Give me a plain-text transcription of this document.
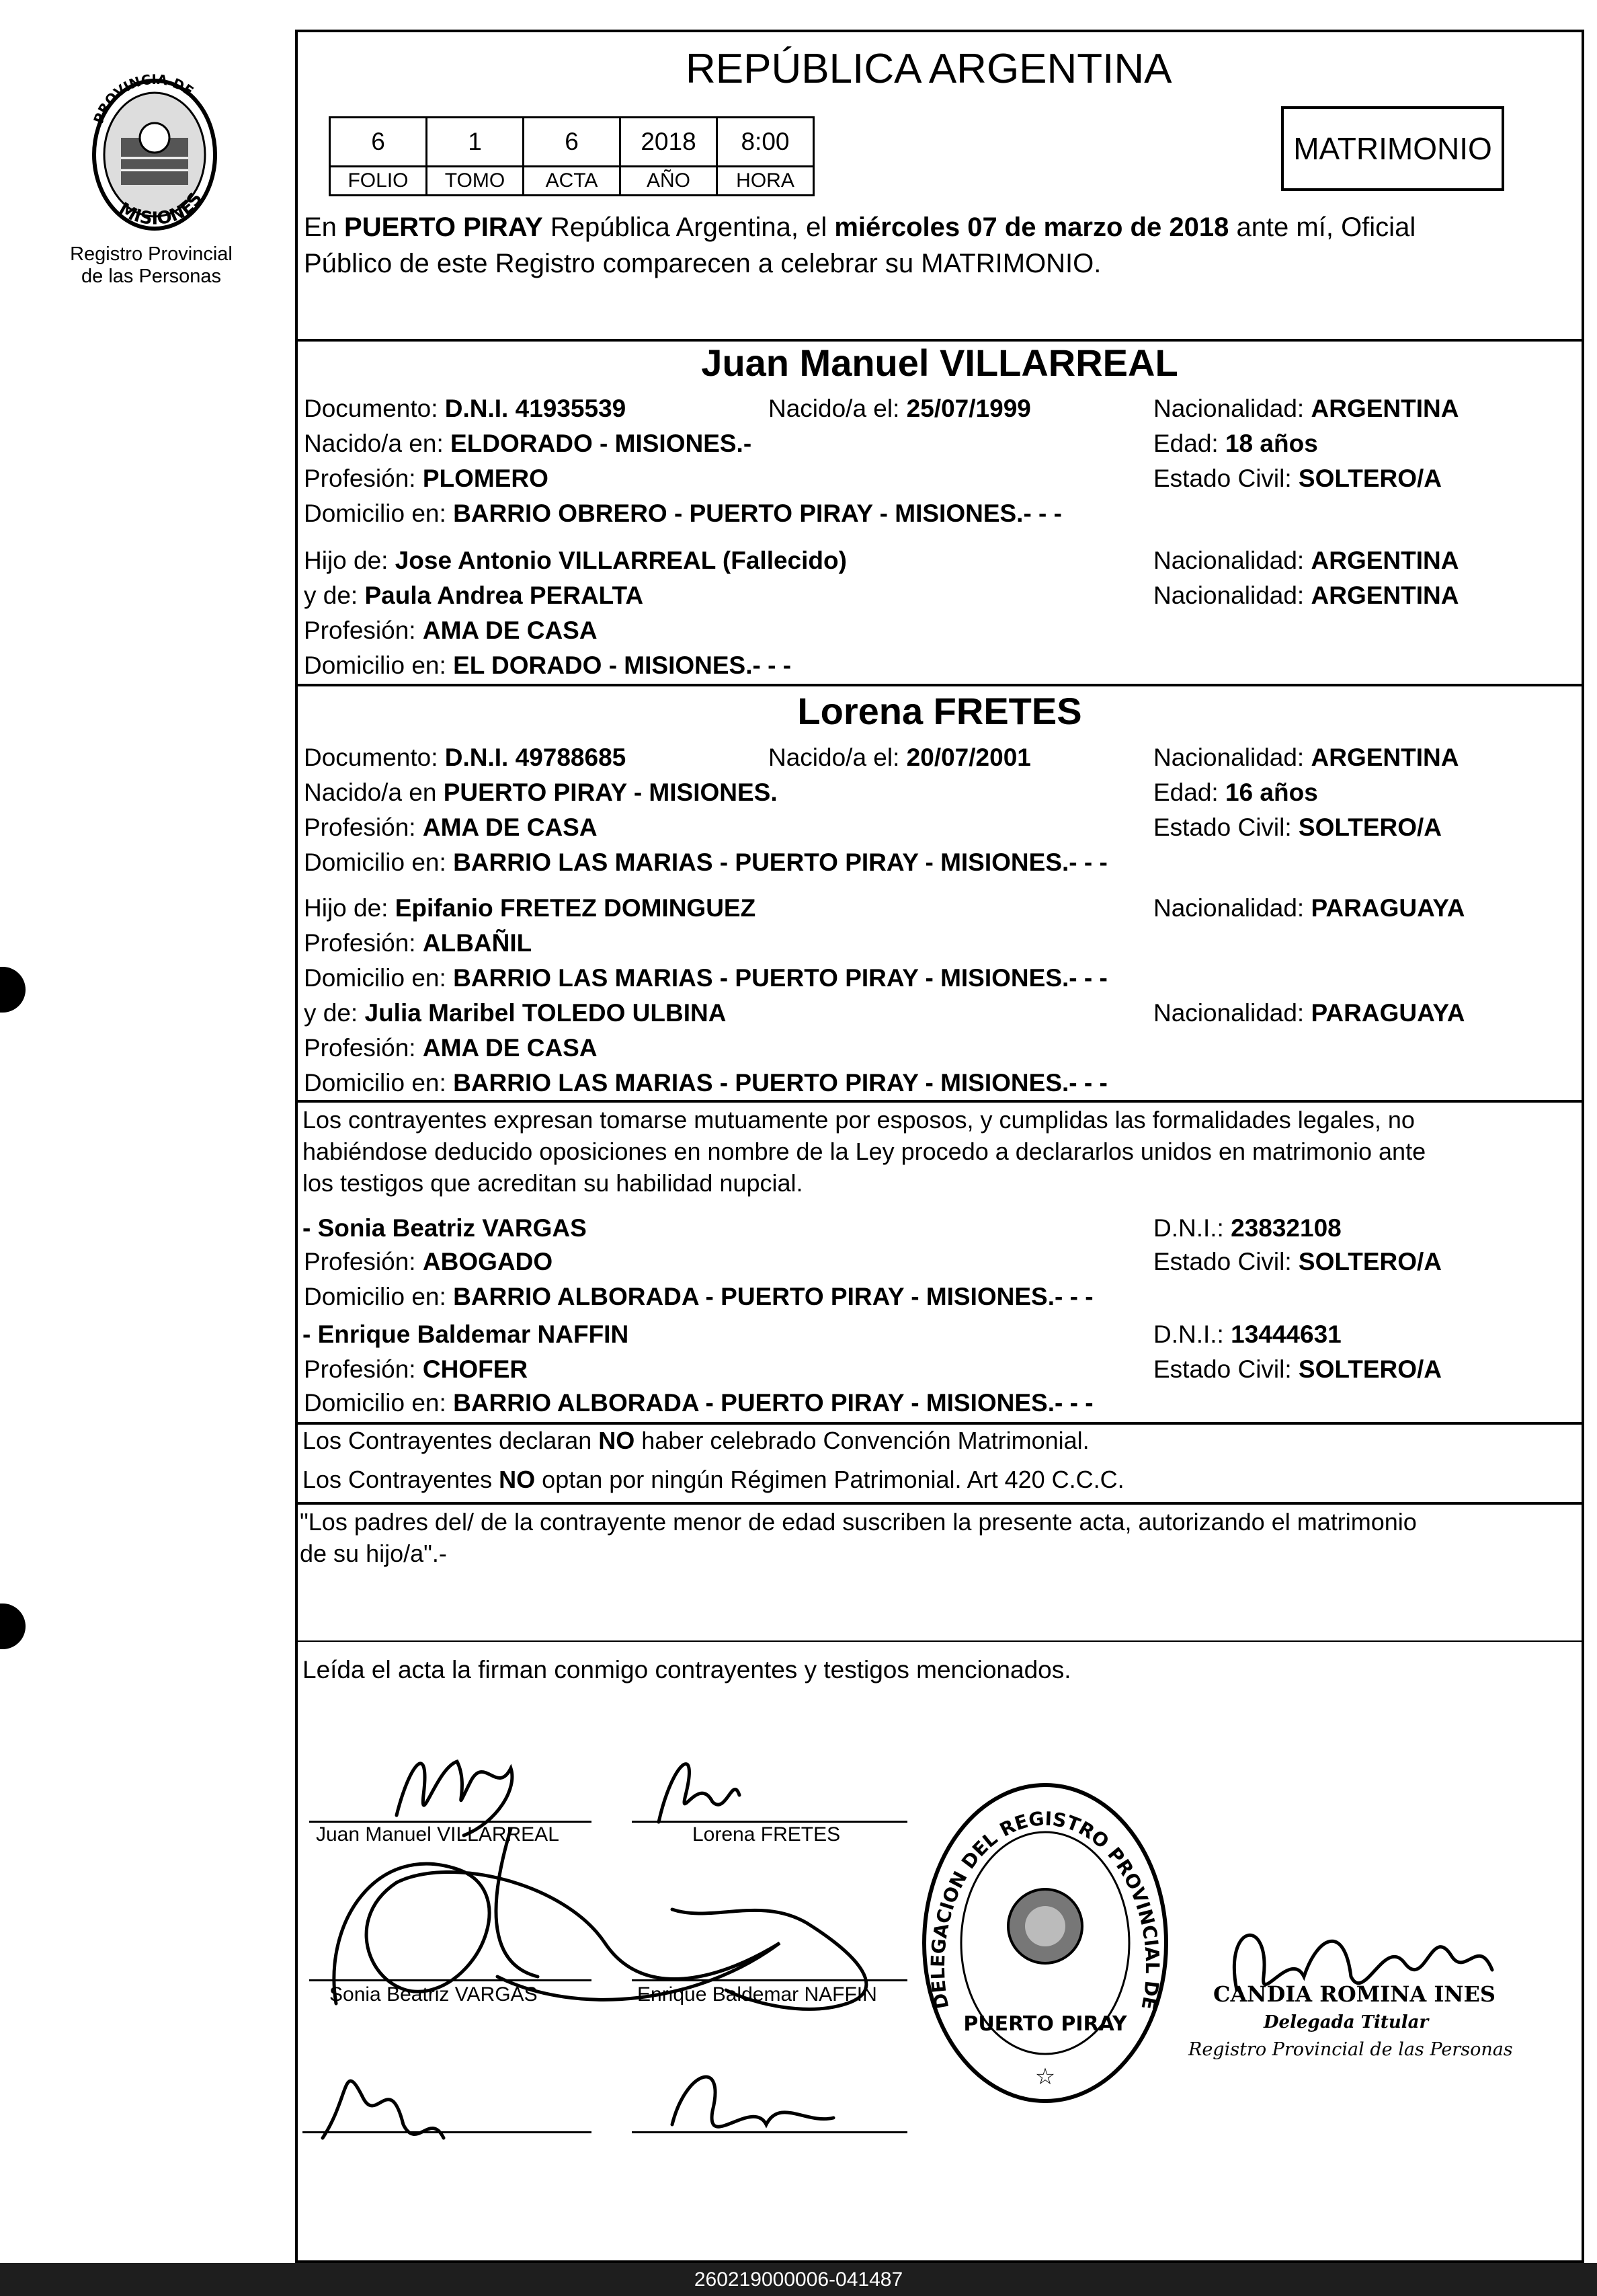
PROVINCIA DE
MISIONES
Registro Provincial
de las Personas
REPÚBLICA ARGENTINA
6	1	6	2018	8:00
FOLIO	TOMO	ACTA	AÑO	HORA
MATRIMONIO
En PUERTO PIRAY República Argentina, el miércoles 07 de marzo de 2018 ante mí, Oficial
Público de este Registro comparecen a celebrar su MATRIMONIO.
Juan Manuel VILLARREAL
Documento: D.N.I. 41935539	Nacido/a el: 25/07/1999	Nacionalidad: ARGENTINA
Nacido/a en: ELDORADO - MISIONES.-	Edad: 18 años
Profesión: PLOMERO	Estado Civil: SOLTERO/A
Domicilio en: BARRIO OBRERO - PUERTO PIRAY - MISIONES.- - -
Hijo de: Jose Antonio VILLARREAL (Fallecido)	Nacionalidad: ARGENTINA
y de: Paula Andrea PERALTA	Nacionalidad: ARGENTINA
Profesión: AMA DE CASA
Domicilio en: EL DORADO - MISIONES.- - -
Lorena FRETES
Documento: D.N.I. 49788685	Nacido/a el: 20/07/2001	Nacionalidad: ARGENTINA
Nacido/a en PUERTO PIRAY - MISIONES.	Edad: 16 años
Profesión: AMA DE CASA	Estado Civil: SOLTERO/A
Domicilio en: BARRIO LAS MARIAS - PUERTO PIRAY - MISIONES.- - -
Hijo de: Epifanio FRETEZ DOMINGUEZ	Nacionalidad: PARAGUAYA
Profesión: ALBAÑIL
Domicilio en: BARRIO LAS MARIAS - PUERTO PIRAY - MISIONES.- - -
y de: Julia Maribel TOLEDO ULBINA	Nacionalidad: PARAGUAYA
Profesión: AMA DE CASA
Domicilio en: BARRIO LAS MARIAS - PUERTO PIRAY - MISIONES.- - -
Los contrayentes expresan tomarse mutuamente por esposos, y cumplidas las formalidades legales, no
habiéndose deducido oposiciones en nombre de la Ley procedo a declararlos unidos en matrimonio ante
los testigos que acreditan su habilidad nupcial.
- Sonia Beatriz VARGAS	D.N.I.: 23832108
Profesión: ABOGADO	Estado Civil: SOLTERO/A
Domicilio en: BARRIO ALBORADA - PUERTO PIRAY - MISIONES.- - -
- Enrique Baldemar NAFFIN	D.N.I.: 13444631
Profesión: CHOFER	Estado Civil: SOLTERO/A
Domicilio en: BARRIO ALBORADA - PUERTO PIRAY - MISIONES.- - -
Los Contrayentes declaran NO haber celebrado Convención Matrimonial.
Los Contrayentes NO optan por ningún Régimen Patrimonial. Art 420 C.C.C.
"Los padres del/ de la contrayente menor de edad suscriben la presente acta, autorizando el matrimonio
de su hijo/a".-
Leída el acta la firman conmigo contrayentes y testigos mencionados.
Juan Manuel VILLARREAL	Lorena FRETES
Sonia Beatriz VARGAS	Enrique Baldemar NAFFIN	DELEGACION DEL REGISTRO PROVINCIAL DE
PUERTO PIRAY
☆
CANDIA ROMINA INES
Delegada Titular
Registro Provincial de las Personas
260219000006-041487
